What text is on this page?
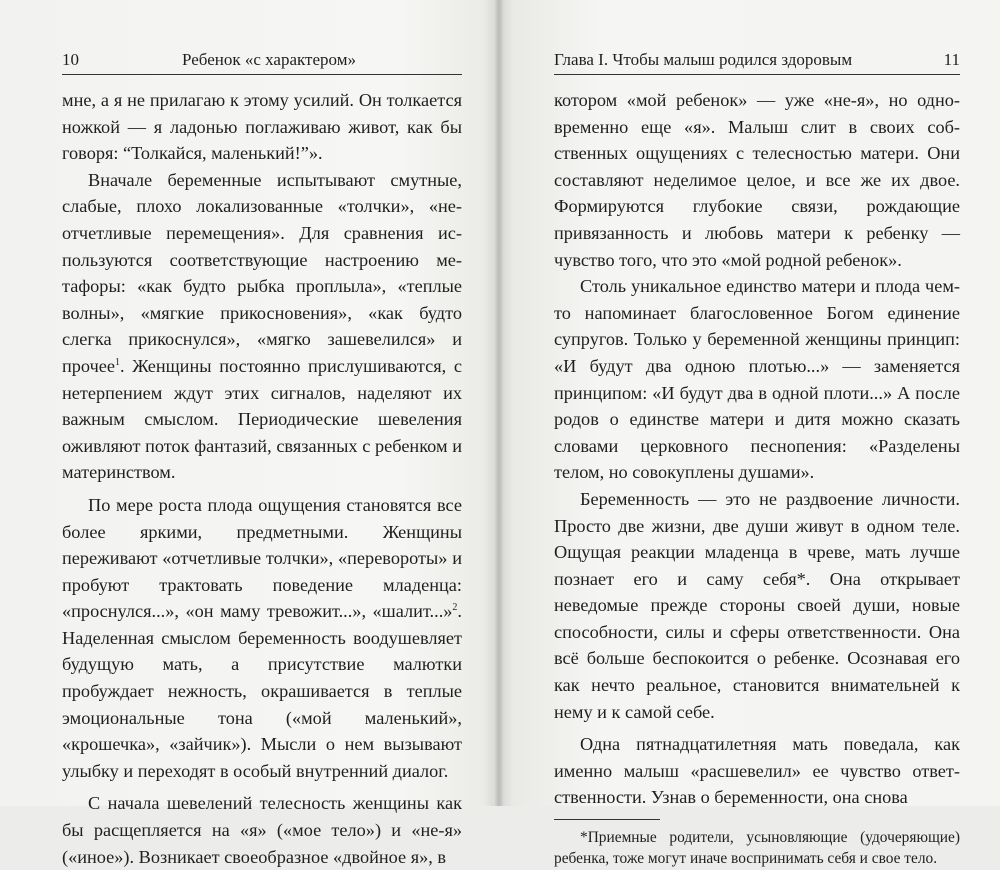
10	Ребенок «с характером»

мне, а я не прилагаю к этому усилий. Он толкается ножкой — я ладонью поглаживаю живот, как бы говоря: “Толкайся, маленький!”».

Вначале беременные испытывают смутные, слабые, плохо локализованные «толчки», «неотчетливые перемещения». Для сравнения используются соответствующие настроению метафоры: «как будто рыбка проплыла», «теплые волны», «мягкие прикосновения», «как будто слегка прикоснулся», «мягко зашевелился» и прочее$^1$. Женщины постоянно прислушиваются, с нетерпением ждут этих сигналов, наделяют их важным смыслом. Периодические шевеления оживляют поток фантазий, связанных с ребенком и материнством.

По мере роста плода ощущения становятся все более яркими, предметными. Женщины переживают «отчетливые толчки», «перевороты» и пробуют трактовать поведение младенца: «проснулся...», «он маму тревожит...», «шалит...»$^2$. Наделенная смыслом беременность воодушевляет будущую мать, а присутствие малютки пробуждает нежность, окрашивается в теплые эмоциональные тона («мой маленький», «крошечка», «зайчик»). Мысли о нем вызывают улыбку и переходят в особый внутренний диалог.

С начала шевелений телесность женщины как бы расщепляется на «я» («мое тело») и «не-я» («иное»). Возникает своеобразное «двойное я», в

Глава I. Чтобы малыш родился здоровым	11

котором «мой ребенок» — уже «не-я», но одновременно еще «я». Малыш слит в своих собственных ощущениях с телесностью матери. Они составляют неделимое целое, и все же их двое. Формируются глубокие связи, рождающие привязанность и любовь матери к ребенку — чувство того, что это «мой родной ребенок».

Столь уникальное единство матери и плода чем-то напоминает благословенное Богом единение супругов. Только у беременной женщины принцип: «И будут два одною плотью...» — заменяется принципом: «И будут два в одной плоти...» А после родов о единстве матери и дитя можно сказать словами церковного песнопения: «Разделены телом, но совокуплены душами».

Беременность — это не раздвоение личности. Просто две жизни, две души живут в одном теле. Ощущая реакции младенца в чреве, мать лучше познает его и саму себя*. Она открывает неведомые прежде стороны своей души, новые способности, силы и сферы ответственности. Она всё больше беспокоится о ребенке. Осознавая его как нечто реальное, становится внимательней к нему и к самой себе.

Одна пятнадцатилетняя мать поведала, как именно малыш «расшевелил» ее чувство ответственности. Узнав о беременности, она снова

*Приемные родители, усыновляющие (удочеряющие) ребенка, тоже могут иначе воспринимать себя и свое тело.
